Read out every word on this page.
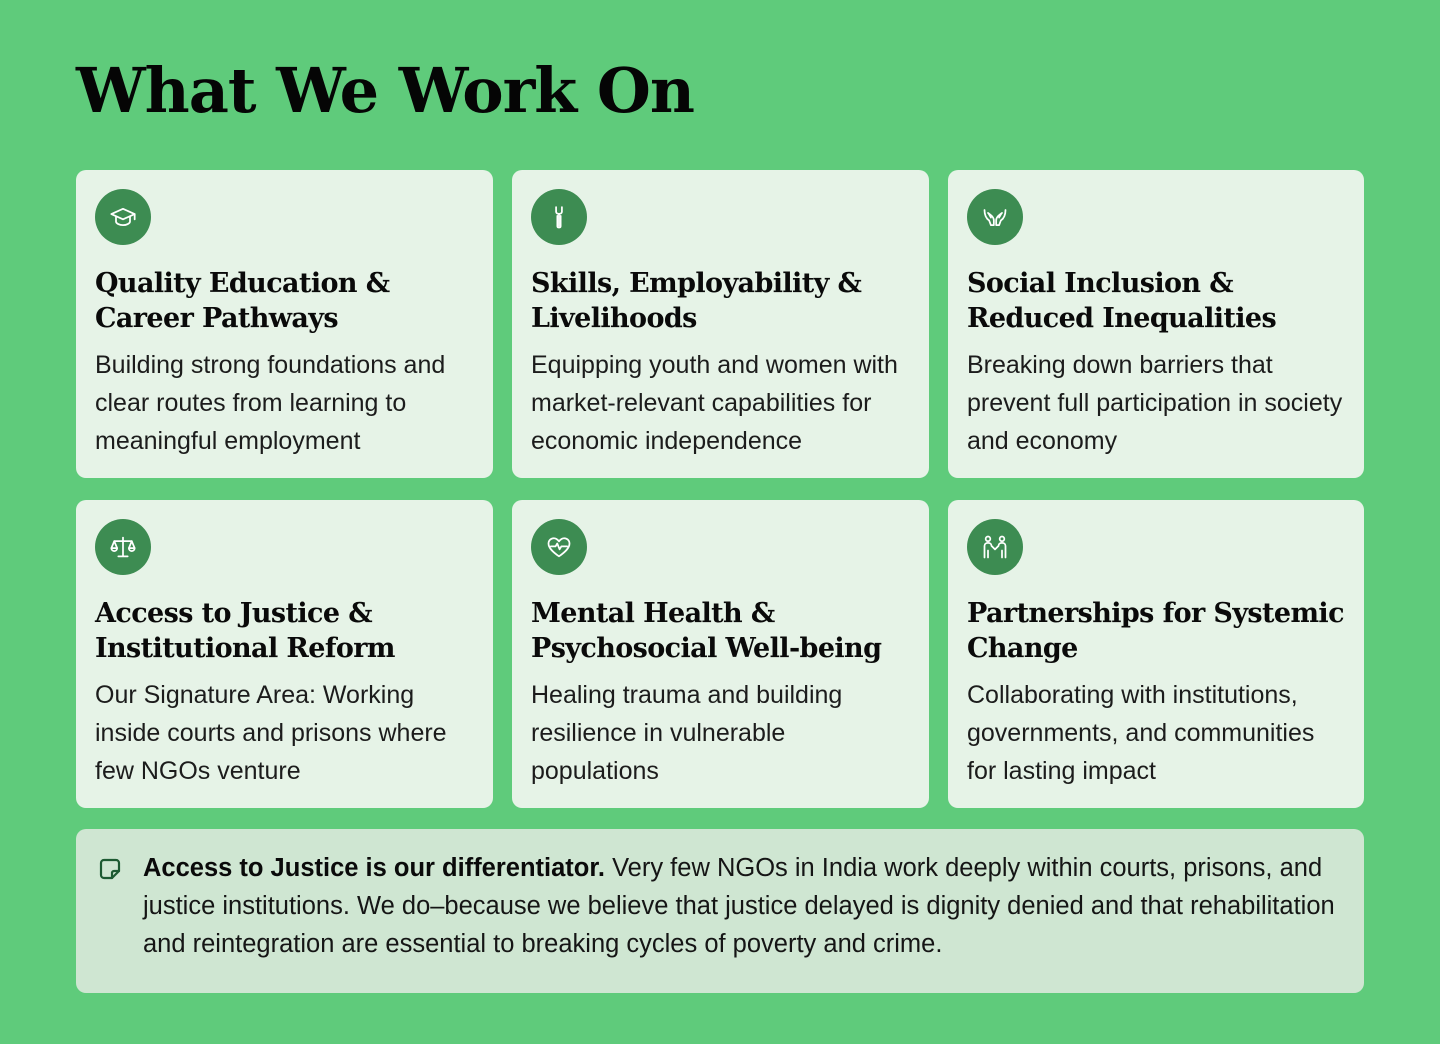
What We Work On
Quality Education & Career Pathways

Building strong foundations and clear routes from learning to meaningful employment

Skills, Employability & Livelihoods

Equipping youth and women with market-relevant capabilities for economic independence

Social Inclusion & Reduced Inequalities

Breaking down barriers that prevent full participation in society and economy

Access to Justice & Institutional Reform

Our Signature Area: Working inside courts and prisons where few NGOs venture

Mental Health & Psychosocial Well-being

Healing trauma and building resilience in vulnerable populations

Partnerships for Systemic Change

Collaborating with institutions, governments, and communities for lasting impact

Access to Justice is our differentiator. Very few NGOs in India work deeply within courts, prisons, and justice institutions. We do–because we believe that justice delayed is dignity denied and that rehabilitation and reintegration are essential to breaking cycles of poverty and crime.
